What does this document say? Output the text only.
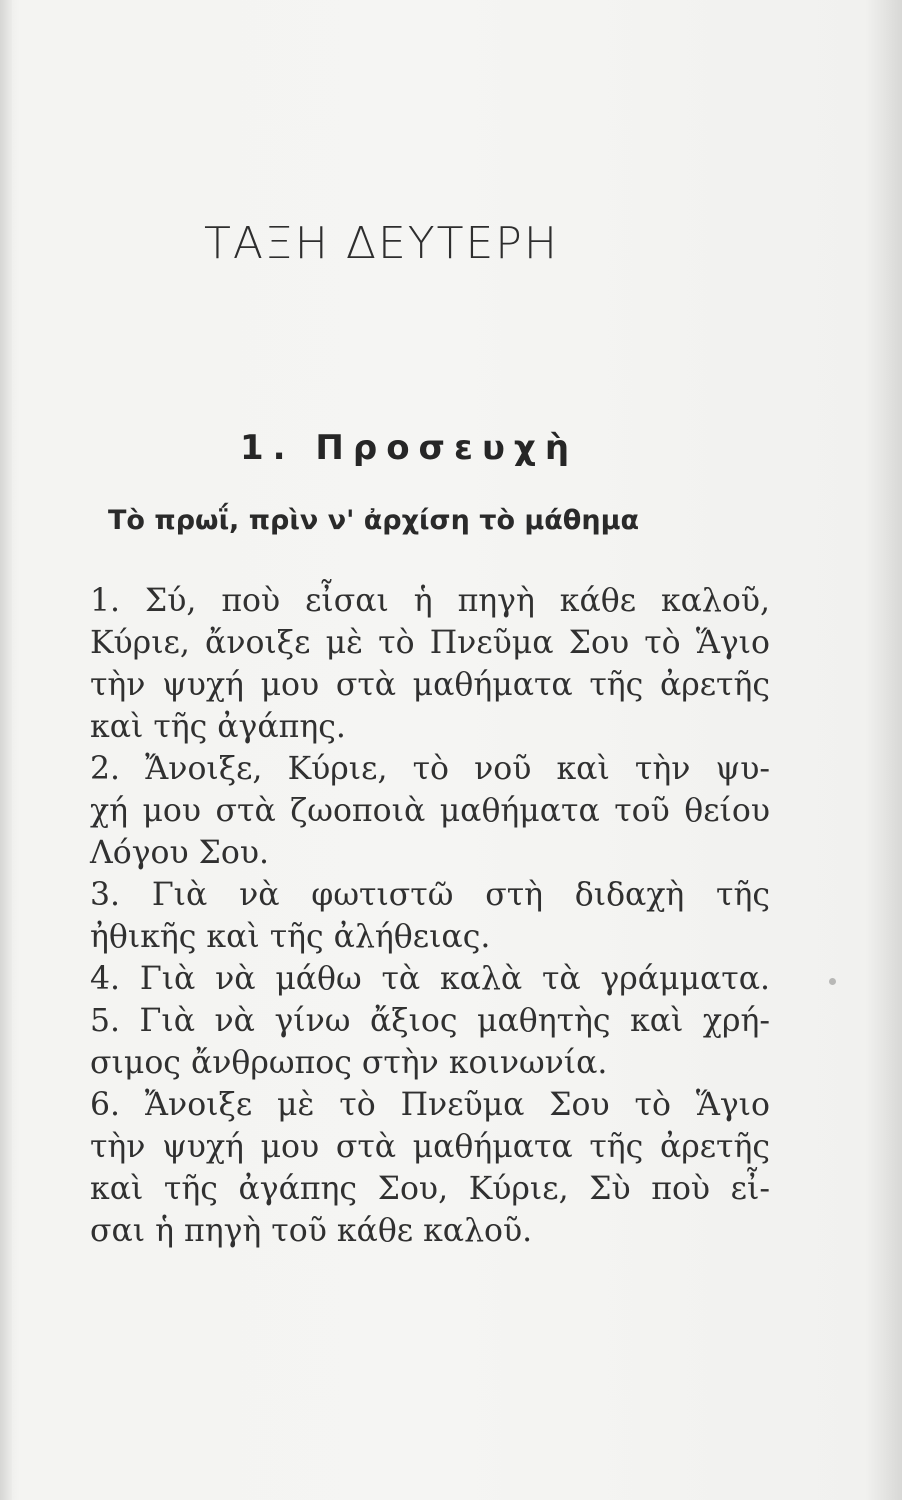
ΤΑΞΗ ΔΕΥΤΕΡΗ
1. Προσευχὴ
Τὸ πρωΐ, πρὶν ν' ἀρχίση τὸ μάθημα
1. Σύ, ποὺ εἶσαι ἡ πηγὴ κάθε καλοῦ,
Κύριε, ἄνοιξε μὲ τὸ Πνεῦμα Σου τὸ Ἅγιο
τὴν ψυχή μου στὰ μαθήματα τῆς ἀρετῆς
καὶ τῆς ἀγάπης.
2. Ἄνοιξε, Κύριε, τὸ νοῦ καὶ τὴν ψυ-
χή μου στὰ ζωοποιὰ μαθήματα τοῦ θείου
Λόγου Σου.
3. Γιὰ νὰ φωτιστῶ στὴ διδαχὴ τῆς
ἠθικῆς καὶ τῆς ἀλήθειας.
4. Γιὰ νὰ μάθω τὰ καλὰ τὰ γράμματα.
5. Γιὰ νὰ γίνω ἄξιος μαθητὴς καὶ χρή-
σιμος ἄνθρωπος στὴν κοινωνία.
6. Ἄνοιξε μὲ τὸ Πνεῦμα Σου τὸ Ἅγιο
τὴν ψυχή μου στὰ μαθήματα τῆς ἀρετῆς
καὶ τῆς ἀγάπης Σου, Κύριε, Σὺ ποὺ εἶ-
σαι ἡ πηγὴ τοῦ κάθε καλοῦ.
